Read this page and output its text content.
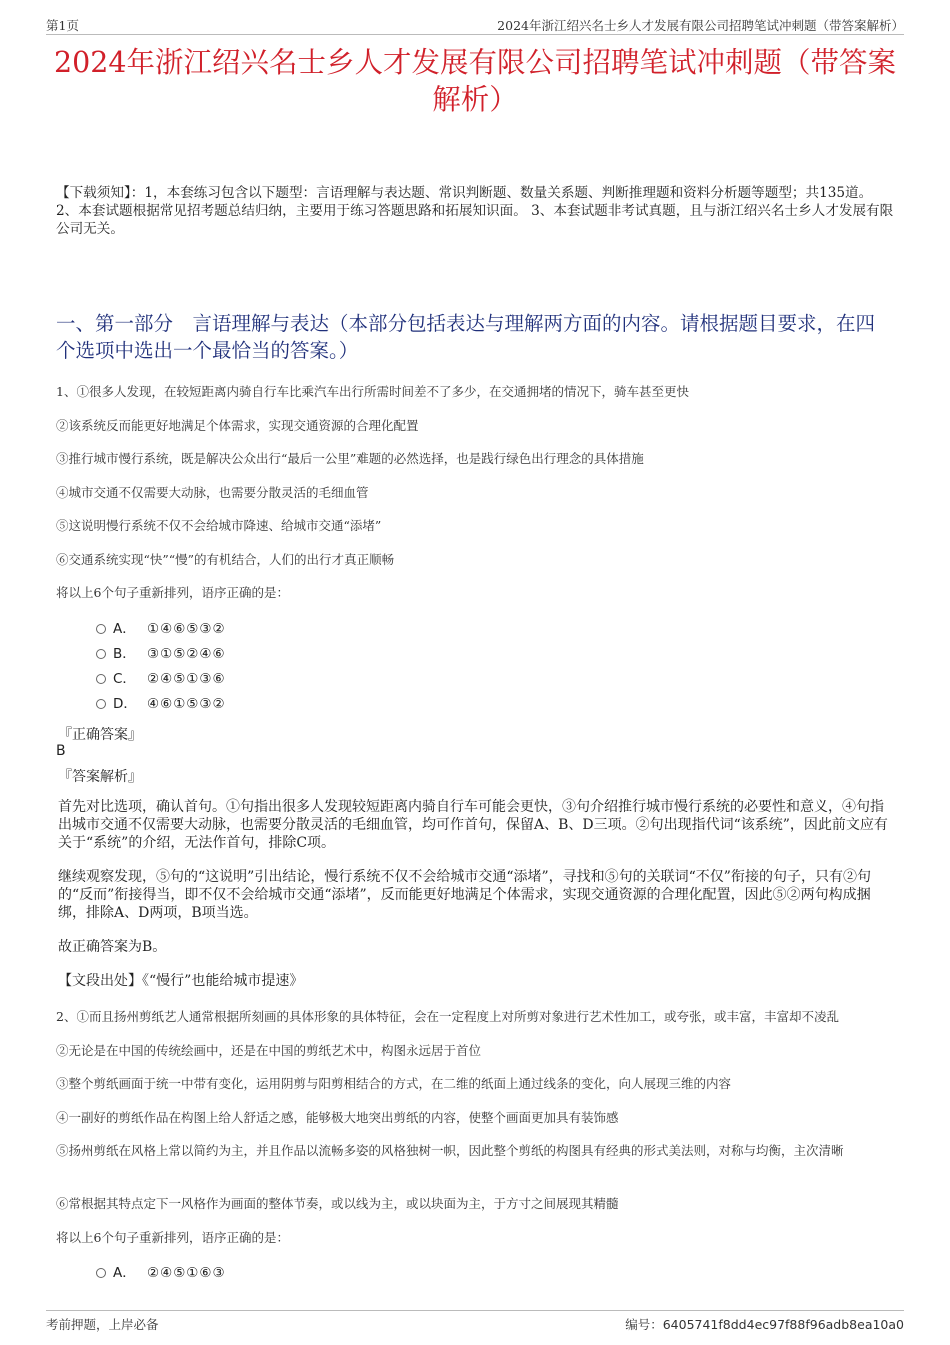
第1页	2024年浙江绍兴名士乡人才发展有限公司招聘笔试冲刺题（带答案解析）
2024年浙江绍兴名士乡人才发展有限公司招聘笔试冲刺题（带答案解析）
【下载须知】：1，本套练习包含以下题型：言语理解与表达题、常识判断题、数量关系题、判断推理题和资料分析题等题型；共135道。 2、本套试题根据常见招考题总结归纳，主要用于练习答题思路和拓展知识面。 3、本套试题非考试真题，且与浙江绍兴名士乡人才发展有限公司无关。
一、第一部分　言语理解与表达（本部分包括表达与理解两方面的内容。请根据题目要求，在四个选项中选出一个最恰当的答案。）
1、①很多人发现，在较短距离内骑自行车比乘汽车出行所需时间差不了多少，在交通拥堵的情况下，骑车甚至更快
②该系统反而能更好地满足个体需求，实现交通资源的合理化配置
③推行城市慢行系统，既是解决公众出行“最后一公里”难题的必然选择，也是践行绿色出行理念的具体措施
④城市交通不仅需要大动脉，也需要分散灵活的毛细血管
⑤这说明慢行系统不仅不会给城市降速、给城市交通“添堵”
⑥交通系统实现“快”“慢”的有机结合，人们的出行才真正顺畅
将以上6个句子重新排列，语序正确的是：
A． ①④⑥⑤③②
B． ③①⑤②④⑥
C． ②④⑤①③⑥
D． ④⑥①⑤③②
『正确答案』
B
『答案解析』
首先对比选项，确认首句。①句指出很多人发现较短距离内骑自行车可能会更快，③句介绍推行城市慢行系统的必要性和意义，④句指出城市交通不仅需要大动脉，也需要分散灵活的毛细血管，均可作首句，保留A、B、D三项。②句出现指代词“该系统”，因此前文应有关于“系统”的介绍，无法作首句，排除C项。
继续观察发现，⑤句的“这说明”引出结论，慢行系统不仅不会给城市交通“添堵”，寻找和⑤句的关联词“不仅”衔接的句子，只有②句的“反而”衔接得当，即不仅不会给城市交通“添堵”，反而能更好地满足个体需求，实现交通资源的合理化配置，因此⑤②两句构成捆绑，排除A、D两项，B项当选。
故正确答案为B。
【文段出处】《“慢行”也能给城市提速》
2、①而且扬州剪纸艺人通常根据所刻画的具体形象的具体特征，会在一定程度上对所剪对象进行艺术性加工，或夸张，或丰富，丰富却不凌乱
②无论是在中国的传统绘画中，还是在中国的剪纸艺术中，构图永远居于首位
③整个剪纸画面于统一中带有变化，运用阴剪与阳剪相结合的方式，在二维的纸面上通过线条的变化，向人展现三维的内容
④一副好的剪纸作品在构图上给人舒适之感，能够极大地突出剪纸的内容，使整个画面更加具有装饰感
⑤扬州剪纸在风格上常以简约为主，并且作品以流畅多姿的风格独树一帜，因此整个剪纸的构图具有经典的形式美法则，对称与均衡，主次清晰
⑥常根据其特点定下一风格作为画面的整体节奏，或以线为主，或以块面为主，于方寸之间展现其精髓
将以上6个句子重新排列，语序正确的是：
A． ②④⑤①⑥③
考前押题，上岸必备	编号：6405741f8dd4ec97f88f96adb8ea10a0
